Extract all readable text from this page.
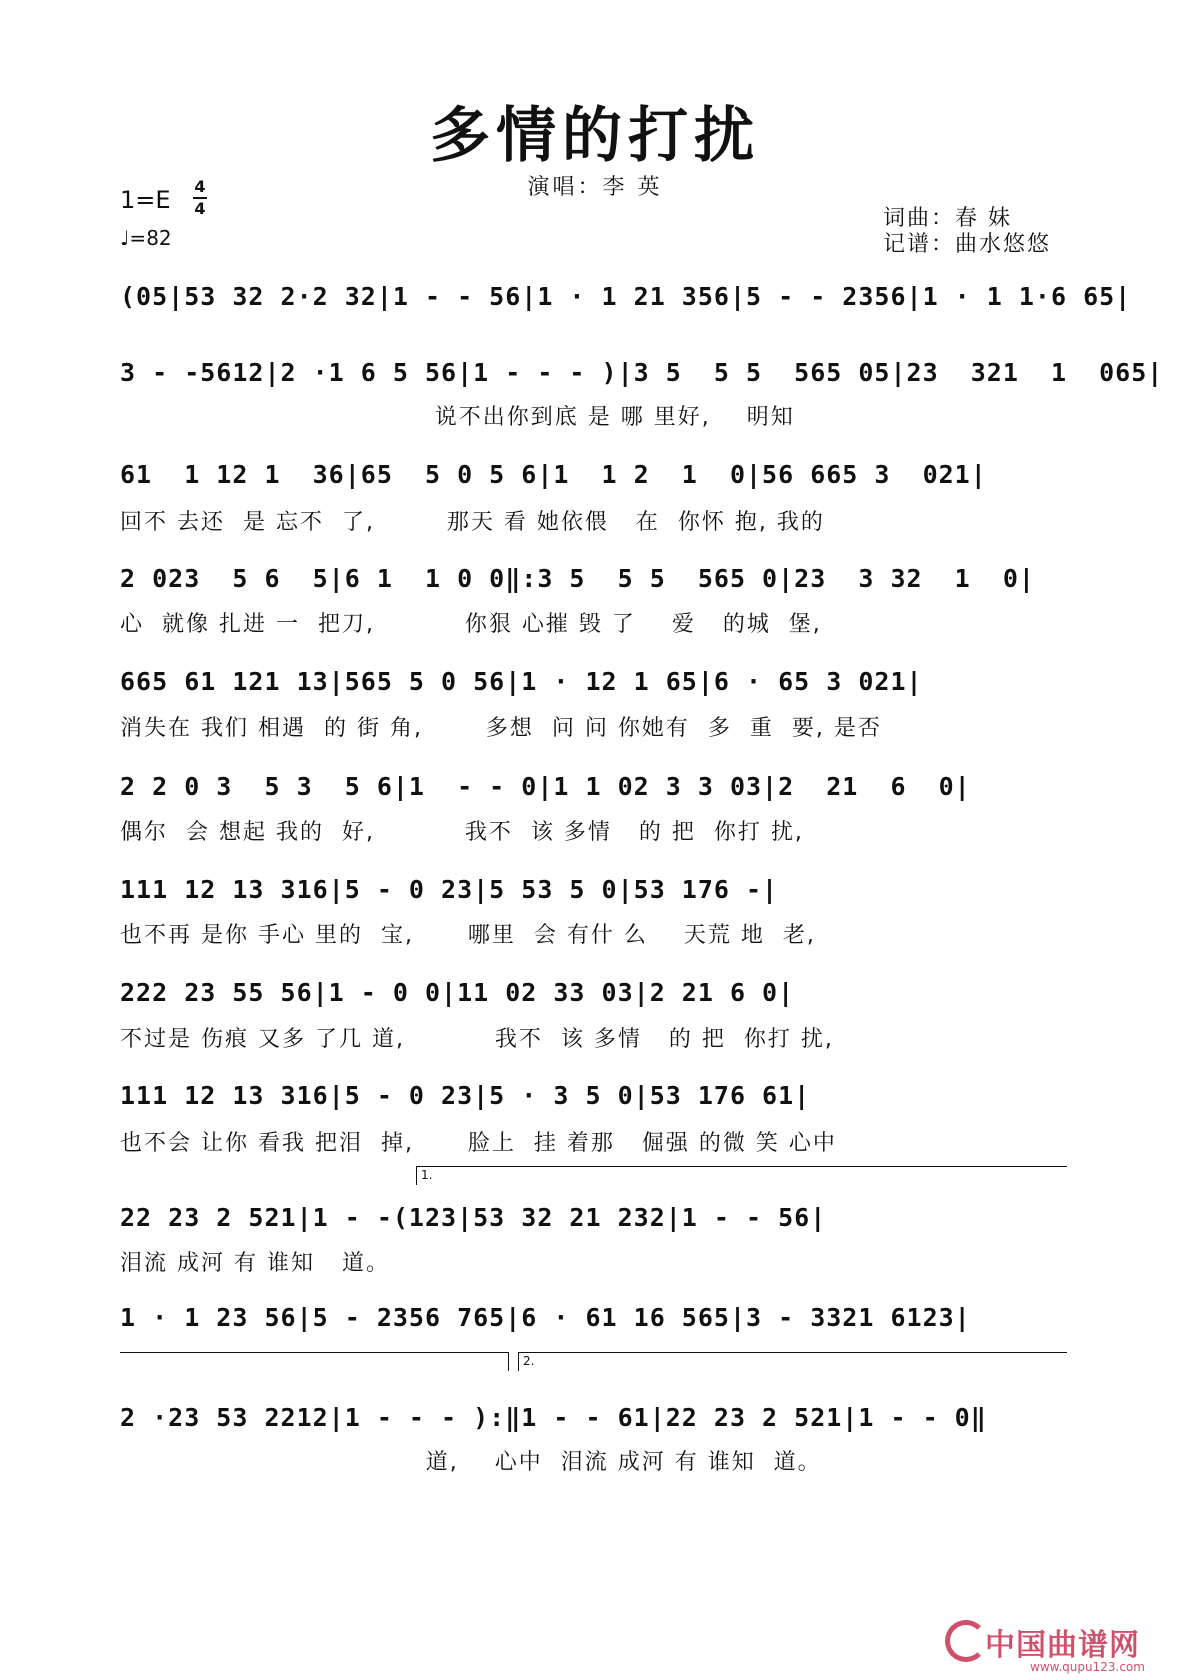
多情的打扰
演唱：李 英
1=E 4
4
♩=82
词曲：春 妹
记谱：曲水悠悠
(05|53 32 2·2 32|1 - - 56|1 · 1 21 356|5 - - 2356|1 · 1 1·6 65|
3 - -5612|2 ·1 6 5 56|1 - - - )|3 5  5 5  565 05|23  321  1  065|
说不出你到底 是 哪 里好,    明知
61  1 12 1  36|65  5 0 5 6|1  1 2  1  0|56 665 3  021|
回不 去还  是 忘不  了,        那天 看 她依偎   在  你怀 抱, 我的
2 023  5 6  5|6 1  1 0 0‖:3 5  5 5  565 0|23  3 32  1  0|
心  就像 扎进 一  把刀,          你狠 心摧 毁 了    爱   的城  堡,
665 61 121 13|565 5 0 56|1 · 12 1 65|6 · 65 3 021|
消失在 我们 相遇  的 街 角,       多想  问 问 你她有  多  重  要, 是否
2 2 0 3  5 3  5 6|1  - - 0|1 1 02 3 3 03|2  21  6  0|
偶尔  会 想起 我的  好,          我不  该 多情   的 把  你打 扰,
111 12 13 316|5 - 0 23|5 53 5 0|53 176 -|
也不再 是你 手心 里的  宝,      哪里  会 有什 么    天荒 地  老,
222 23 55 56|1 - 0 0|11 02 33 03|2 21 6 0|
不过是 伤痕 又多 了几 道,          我不  该 多情   的 把  你打 扰,
111 12 13 316|5 - 0 23|5 · 3 5 0|53 176 61|
也不会 让你 看我 把泪  掉,      脸上  挂 着那   倔强 的微 笑 心中
1.
22 23 2 521|1 - -(123|53 32 21 232|1 - - 56|
泪流 成河 有 谁知   道。
1 · 1 23 56|5 - 2356 765|6 · 61 16 565|3 - 3321 6123|
2.
2 ·23 53 2212|1 - - - ):‖1 - - 61|22 23 2 521|1 - - 0‖
道,    心中  泪流 成河 有 谁知  道。
中国曲谱网
www.qupu123.com
